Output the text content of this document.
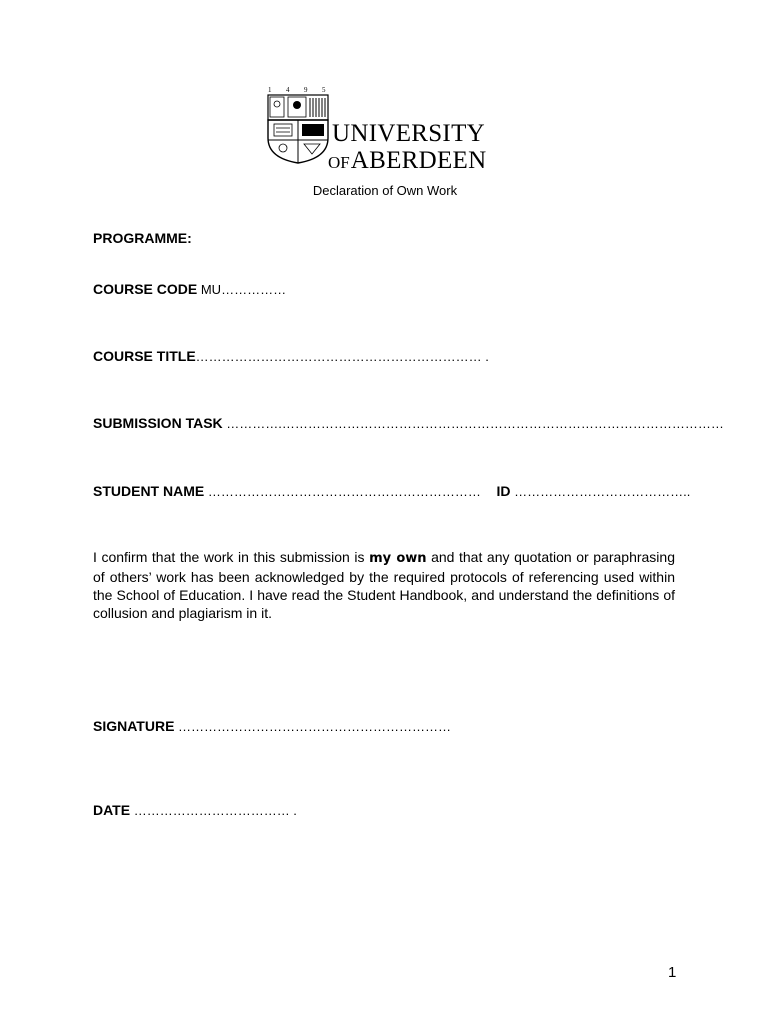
1 4 9 5
UNIVERSITY
OFABERDEEN
Declaration of Own Work
PROGRAMME:
COURSE CODE MU……………
COURSE TITLE………………………………………………………… .
SUBMISSION TASK ………….…………………………………………………………………………………………
STUDENT NAME ……………………………………………………… ID …………………………………..
I confirm that the work in this submission is my own and that any quotation or paraphrasing of others’ work has been acknowledged by the required protocols of referencing used within the School of Education. I have read the Student Handbook, and understand the definitions of collusion and plagiarism in it.
SIGNATURE ………………………………………………………
DATE ……………………………… .
1
